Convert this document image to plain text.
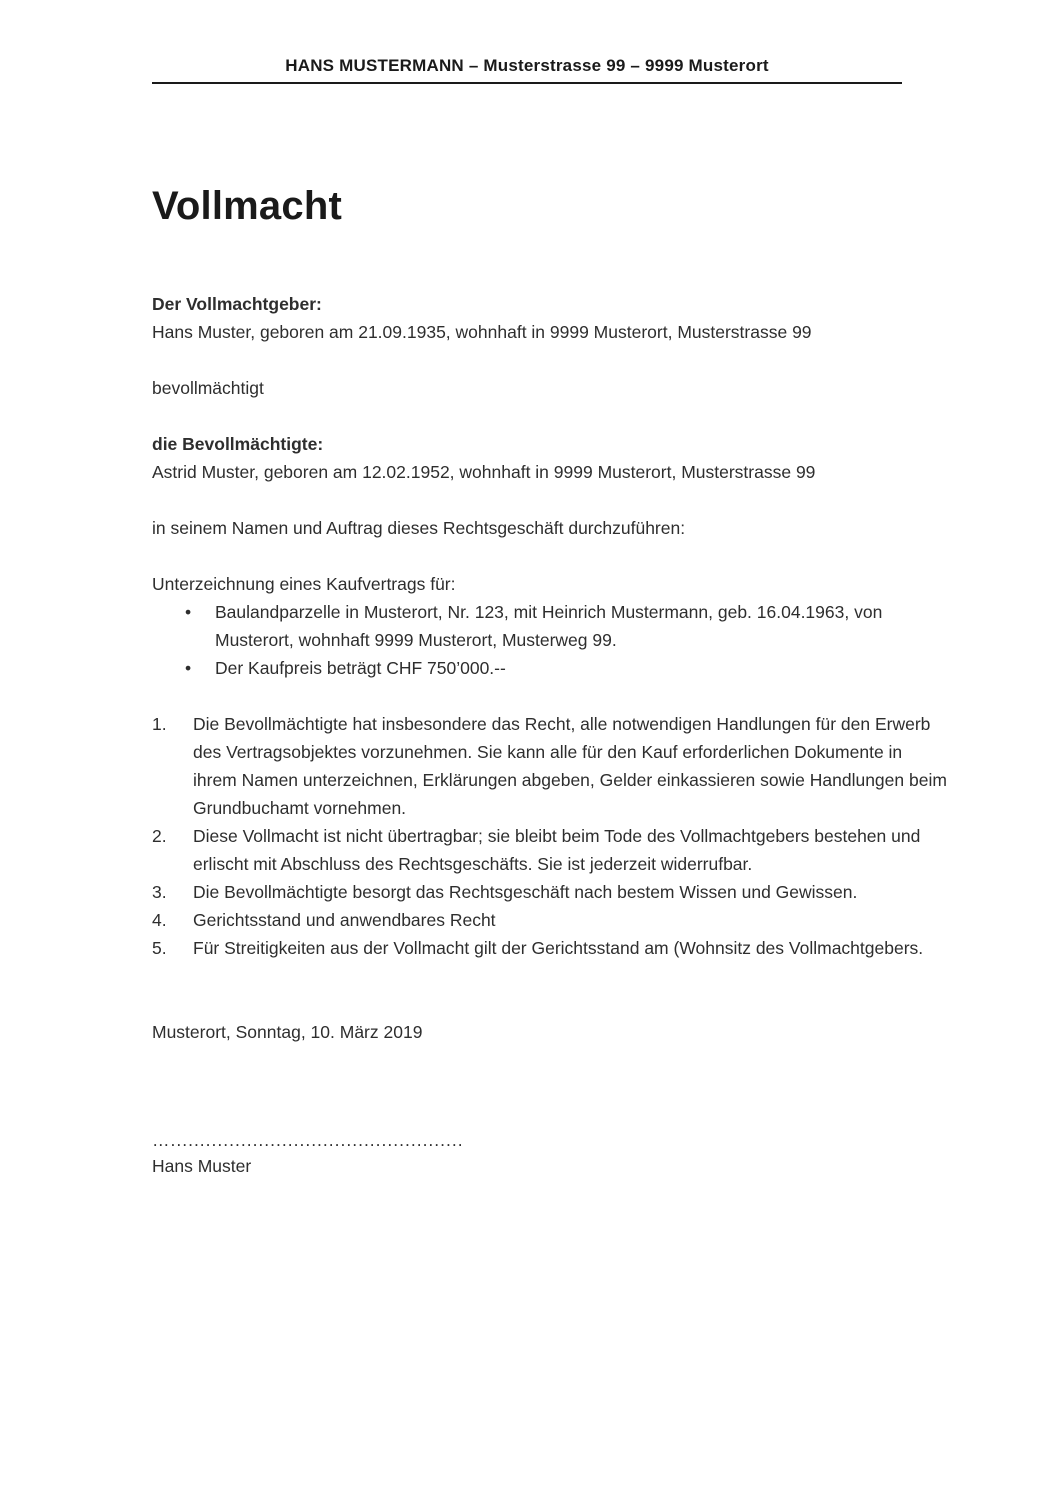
HANS MUSTERMANN – Musterstrasse 99 – 9999 Musterort
Vollmacht

Der Vollmachtgeber:

Hans Muster, geboren am 21.09.1935, wohnhaft in 9999 Musterort, Musterstrasse 99

bevollmächtigt

die Bevollmächtigte:

Astrid Muster, geboren am 12.02.1952, wohnhaft in 9999 Musterort, Musterstrasse 99

in seinem Namen und Auftrag dieses Rechtsgeschäft durchzuführen:

Unterzeichnung eines Kaufvertrags für:

• Baulandparzelle in Musterort, Nr. 123, mit Heinrich Mustermann, geb. 16.04.1963, von Musterort, wohnhaft 9999 Musterort, Musterweg 99.
• Der Kaufpreis beträgt CHF 750’000.--
1.	Die Bevollmächtigte hat insbesondere das Recht, alle notwendigen Handlungen für den Erwerb des Vertragsobjektes vorzunehmen. Sie kann alle für den Kauf erforderlichen Dokumente in ihrem Namen unterzeichnen, Erklärungen abgeben, Gelder einkassieren sowie Handlungen beim Grundbuchamt vornehmen.
2.	Diese Vollmacht ist nicht übertragbar; sie bleibt beim Tode des Vollmachtgebers bestehen und erlischt mit Abschluss des Rechtsgeschäfts. Sie ist jederzeit widerrufbar.
3.	Die Bevollmächtigte besorgt das Rechtsgeschäft nach bestem Wissen und Gewissen.
4.	Gerichtsstand und anwendbares Recht
5.	Für Streitigkeiten aus der Vollmacht gilt der Gerichtsstand am (Wohnsitz des Vollmachtgebers.

Musterort, Sonntag, 10. März 2019

…..................................................
Hans Muster
